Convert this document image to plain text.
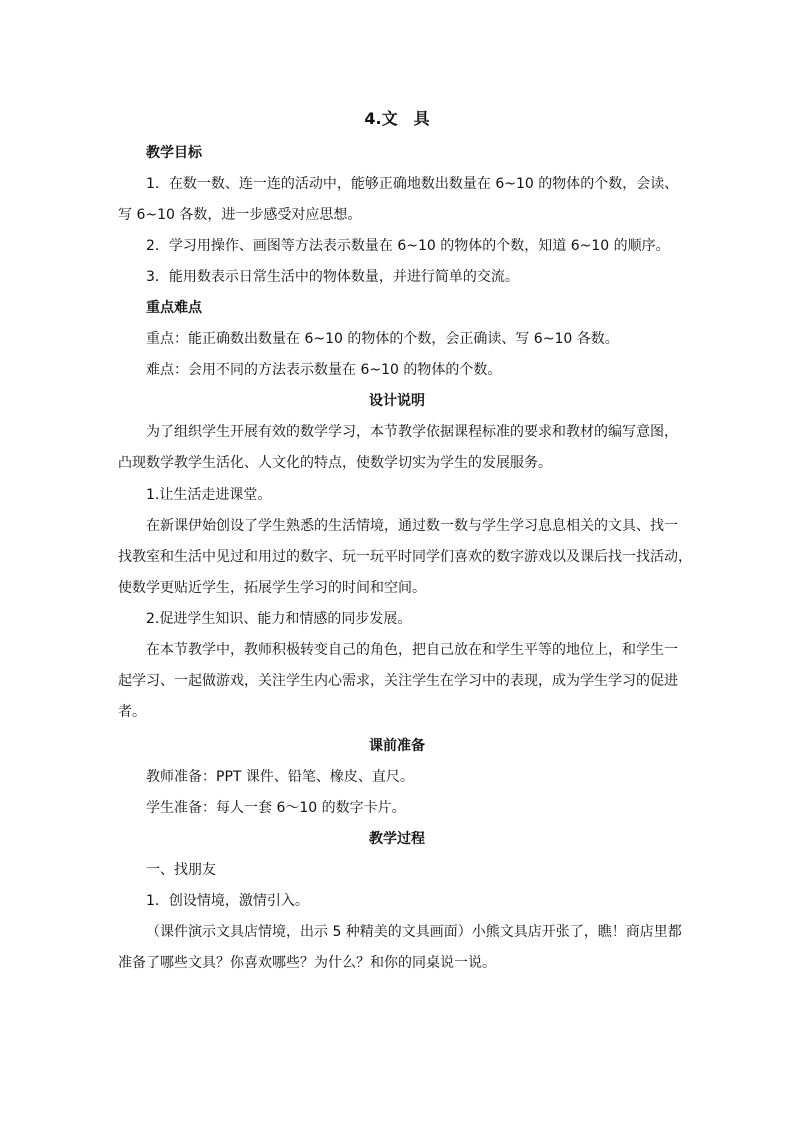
4.文　具
教学目标
1．在数一数、连一连的活动中，能够正确地数出数量在 6~10 的物体的个数，会读、
写 6~10 各数，进一步感受对应思想。
2．学习用操作、画图等方法表示数量在 6~10 的物体的个数，知道 6~10 的顺序。
3．能用数表示日常生活中的物体数量，并进行简单的交流。
重点难点
重点：能正确数出数量在 6~10 的物体的个数，会正确读、写 6~10 各数。
难点：会用不同的方法表示数量在 6~10 的物体的个数。
设计说明
为了组织学生开展有效的数学学习，本节教学依据课程标准的要求和教材的编写意图，
凸现数学教学生活化、人文化的特点，使数学切实为学生的发展服务。
1.让生活走进课堂。
在新课伊始创设了学生熟悉的生活情境，通过数一数与学生学习息息相关的文具、找一
找教室和生活中见过和用过的数字、玩一玩平时同学们喜欢的数字游戏以及课后找一找活动，
使数学更贴近学生，拓展学生学习的时间和空间。
2.促进学生知识、能力和情感的同步发展。
在本节教学中，教师积极转变自己的角色，把自己放在和学生平等的地位上，和学生一
起学习、一起做游戏，关注学生内心需求，关注学生在学习中的表现，成为学生学习的促进
者。
课前准备
教师准备：PPT 课件、铅笔、橡皮、直尺。
学生准备：每人一套 6～10 的数字卡片。
教学过程
一、找朋友
1．创设情境，激情引入。
（课件演示文具店情境，出示 5 种精美的文具画面）小熊文具店开张了，瞧！商店里都
准备了哪些文具？你喜欢哪些？为什么？和你的同桌说一说。
